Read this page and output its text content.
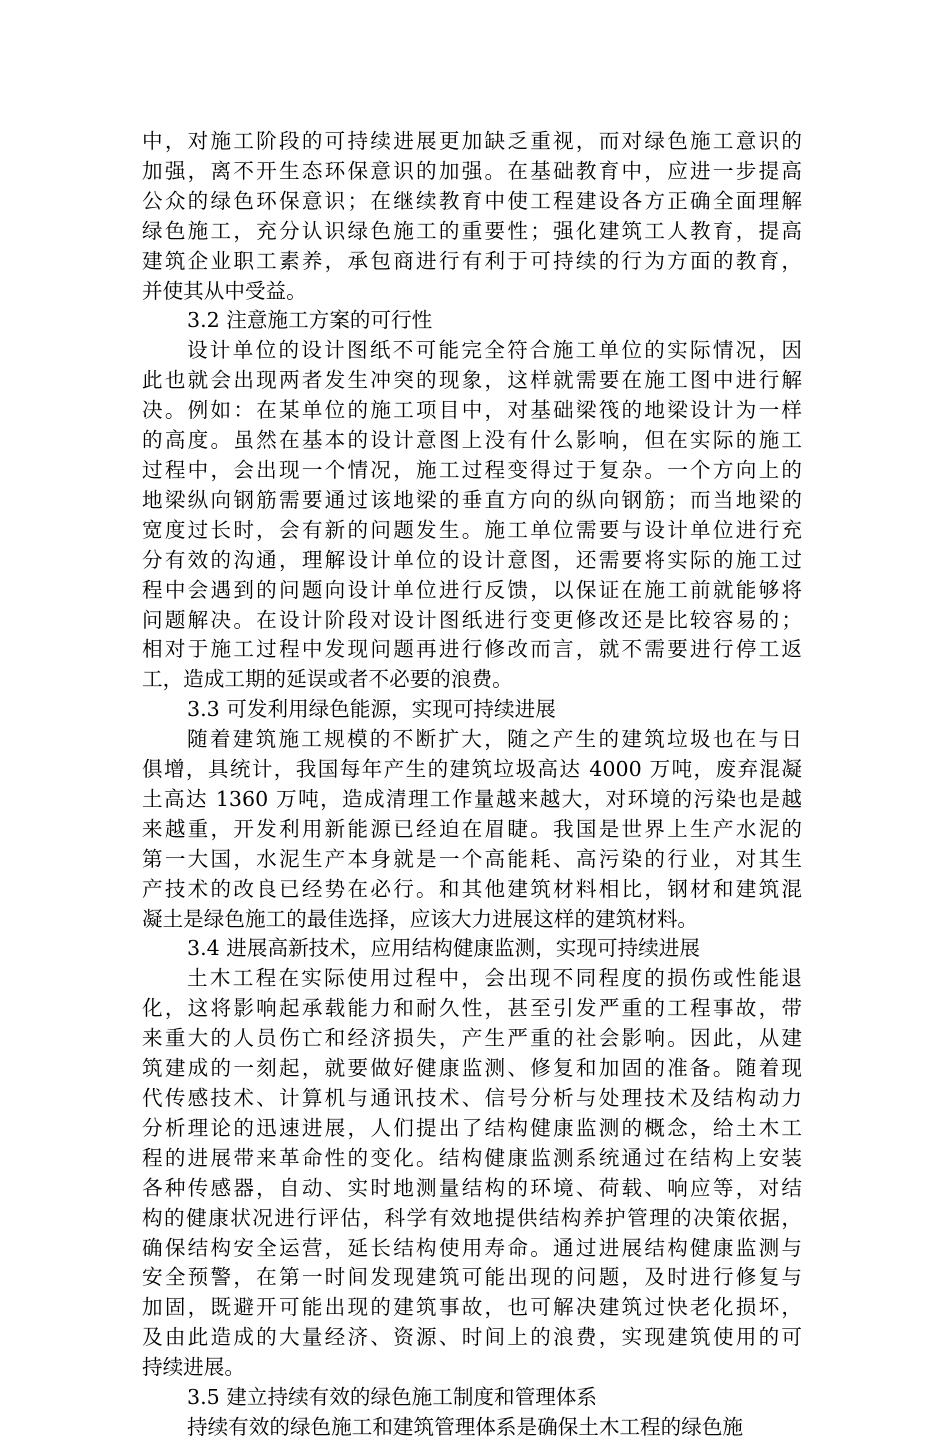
中，对施工阶段的可持续进展更加缺乏重视，而对绿色施工意识的
加强，离不开生态环保意识的加强。在基础教育中，应进一步提高
公众的绿色环保意识；在继续教育中使工程建设各方正确全面理解
绿色施工，充分认识绿色施工的重要性；强化建筑工人教育，提高
建筑企业职工素养，承包商进行有利于可持续的行为方面的教育，
并使其从中受益。
3.2 注意施工方案的可行性
设计单位的设计图纸不可能完全符合施工单位的实际情况，因
此也就会出现两者发生冲突的现象，这样就需要在施工图中进行解
决。例如：在某单位的施工项目中，对基础梁筏的地梁设计为一样
的高度。虽然在基本的设计意图上没有什么影响，但在实际的施工
过程中，会出现一个情况，施工过程变得过于复杂。一个方向上的
地梁纵向钢筋需要通过该地梁的垂直方向的纵向钢筋；而当地梁的
宽度过长时，会有新的问题发生。施工单位需要与设计单位进行充
分有效的沟通，理解设计单位的设计意图，还需要将实际的施工过
程中会遇到的问题向设计单位进行反馈，以保证在施工前就能够将
问题解决。在设计阶段对设计图纸进行变更修改还是比较容易的；
相对于施工过程中发现问题再进行修改而言，就不需要进行停工返
工，造成工期的延误或者不必要的浪费。
3.3 可发利用绿色能源，实现可持续进展
随着建筑施工规模的不断扩大，随之产生的建筑垃圾也在与日
俱增，具统计，我国每年产生的建筑垃圾高达 4000 万吨，废弃混凝
土高达 1360 万吨，造成清理工作量越来越大，对环境的污染也是越
来越重，开发利用新能源已经迫在眉睫。我国是世界上生产水泥的
第一大国，水泥生产本身就是一个高能耗、高污染的行业，对其生
产技术的改良已经势在必行。和其他建筑材料相比，钢材和建筑混
凝土是绿色施工的最佳选择，应该大力进展这样的建筑材料。
3.4 进展高新技术，应用结构健康监测，实现可持续进展
土木工程在实际使用过程中，会出现不同程度的损伤或性能退
化，这将影响起承载能力和耐久性，甚至引发严重的工程事故，带
来重大的人员伤亡和经济损失，产生严重的社会影响。因此，从建
筑建成的一刻起，就要做好健康监测、修复和加固的准备。随着现
代传感技术、计算机与通讯技术、信号分析与处理技术及结构动力
分析理论的迅速进展，人们提出了结构健康监测的概念，给土木工
程的进展带来革命性的变化。结构健康监测系统通过在结构上安装
各种传感器，自动、实时地测量结构的环境、荷载、响应等，对结
构的健康状况进行评估，科学有效地提供结构养护管理的决策依据，
确保结构安全运营，延长结构使用寿命。通过进展结构健康监测与
安全预警，在第一时间发现建筑可能出现的问题，及时进行修复与
加固，既避开可能出现的建筑事故，也可解决建筑过快老化损坏，
及由此造成的大量经济、资源、时间上的浪费，实现建筑使用的可
持续进展。
3.5 建立持续有效的绿色施工制度和管理体系
持续有效的绿色施工和建筑管理体系是确保土木工程的绿色施
